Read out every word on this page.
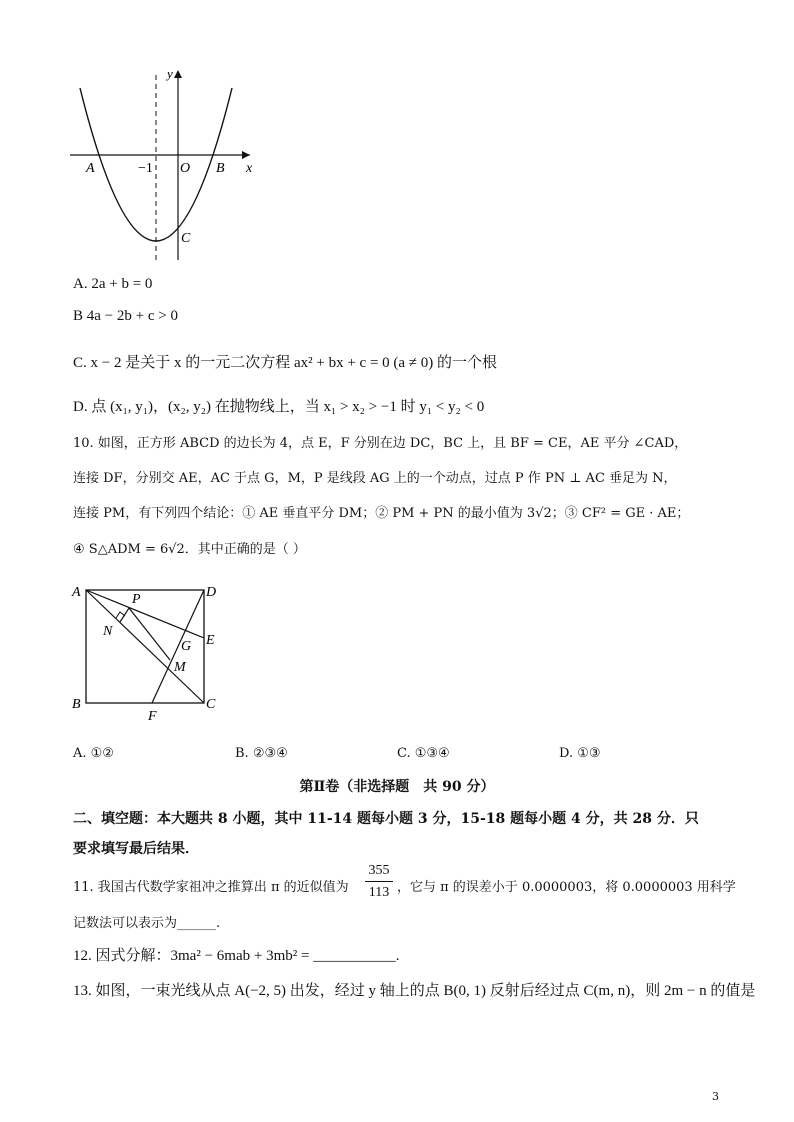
y
x
A	−1 O B
C
A. 2a + b = 0
B 4a − 2b + c > 0
C. x − 2 是关于 x 的一元二次方程 ax² + bx + c = 0 (a ≠ 0) 的一个根
D. 点 (x₁, y₁)，(x₂, y₂) 在抛物线上，当 x₁ > x₂ > −1 时 y₁ < y₂ < 0
10. 如图，正方形 ABCD 的边长为 4，点 E，F 分别在边 DC，BC 上，且 BF = CE，AE 平分 ∠CAD，
连接 DF，分别交 AE，AC 于点 G，M，P 是线段 AG 上的一个动点，过点 P 作 PN ⊥ AC 垂足为 N，
连接 PM，有下列四个结论：① AE 垂直平分 DM；② PM + PN 的最小值为 3√2；③ CF² = GE · AE；
④ S△ADM = 6√2．其中正确的是（ ）
A	D
P
N
E
G
M
B	C
F
A. ①②	B. ②③④	C. ①③④	D. ①③
第Ⅱ卷（非选择题　共 90 分）
二、填空题：本大题共 8 小题，其中 11-14 题每小题 3 分，15-18 题每小题 4 分，共 28 分．只
要求填写最后结果．
11. 我国古代数学家祖冲之推算出 π 的近似值为
355
113 ，它与 π 的误差小于 0.0000003，将 0.0000003 用科学
记数法可以表示为______.
12. 因式分解：3ma² − 6mab + 3mb² = ___________.
13. 如图，一束光线从点 A(−2, 5) 出发，经过 y 轴上的点 B(0, 1) 反射后经过点 C(m, n)，则 2m − n 的值是
3
